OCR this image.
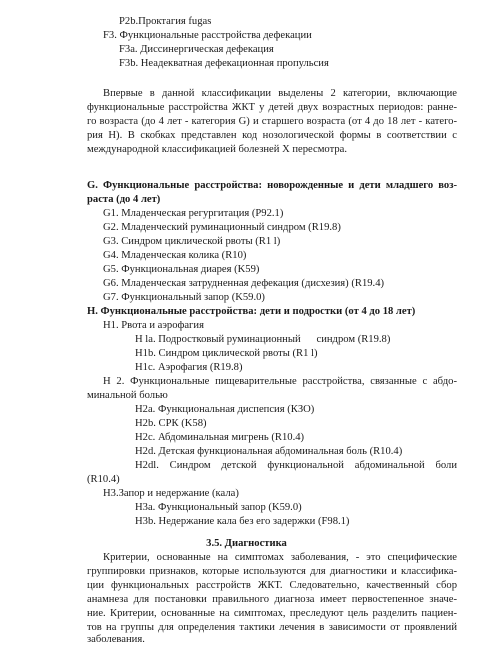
P2b.Проктагия fugas
F3. Функциональные расстройства дефекации
F3a. Диссинергическая дефекация
F3b. Неадекватная дефекационная пропульсия
Впервые в данной классификации выделены 2 категории, включающие
функциональные расстройства ЖКТ у детей двух возрастных периодов: ранне-
го возраста (до 4 лет - категория G) и старшего возраста (от 4 до 18 лет - катего-
рия H). В скобках представлен код нозологической формы в соответствии с
международной классификацией болезней X пересмотра.
G. Функциональные расстройства: новорожденные и дети младшего воз-
раста (до 4 лет)
G1. Младенческая регургитация (P92.1)
G2. Младенческий руминационный синдром (R19.8)
G3. Синдром циклической рвоты (R1 l)
G4. Младенческая колика (R10)
G5. Функциональная диарея (K59)
G6. Младенческая затрудненная дефекация (дисхезия) (R19.4)
G7. Функциональный запор (K59.0)
H. Функциональные расстройства: дети и подростки (от 4 до 18 лет)
H1. Рвота и аэрофагия
H la. Подростковый руминационный      синдром (R19.8)
H1b. Синдром циклической рвоты (R1 l)
H1c. Аэрофагия (R19.8)
H 2. Функциональные пищеварительные расстройства, связанные с абдо-
минальной болью
H2a. Функциональная диспепсия (КЗО)
H2b. СРК (K58)
H2c. Абдоминальная мигрень (R10.4)
H2d. Детская функциональная абдоминальная боль (R10.4)
H2dl. Синдром детской функциональной абдоминальной боли
(R10.4)
H3.Запор и недержание (кала)
H3a. Функциональный запор (K59.0)
H3b. Недержание кала без его задержки (F98.1)
3.5. Диагностика
Критерии, основанные на симптомах заболевания, - это специфические
группировки признаков, которые используются для диагностики и классифика-
ции функциональных расстройств ЖКТ. Следовательно, качественный сбор
анамнеза для постановки правильного диагноза имеет первостепенное значе-
ние. Критерии, основанные на симптомах, преследуют цель разделить пациен-
тов на группы для определения тактики лечения в зависимости от проявлений
заболевания.
